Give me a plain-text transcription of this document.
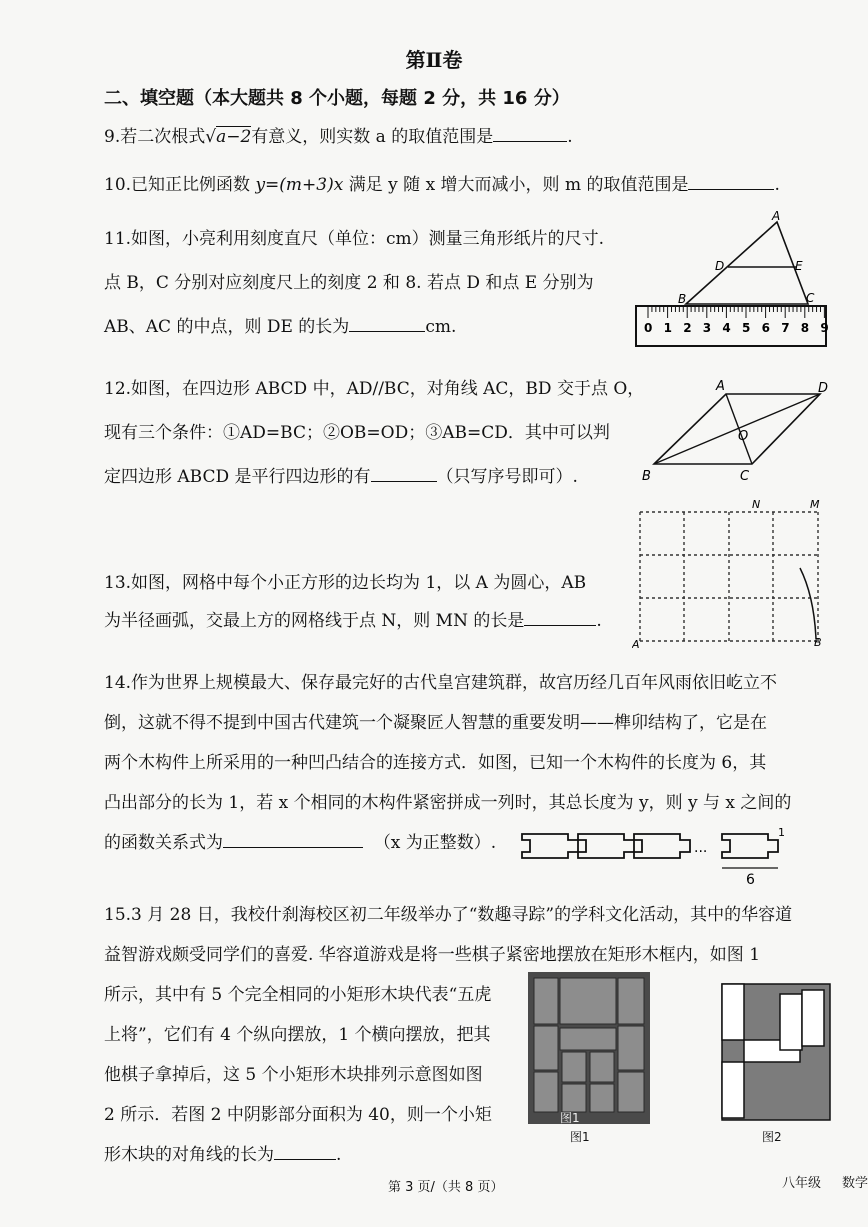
第Ⅱ卷
二、填空题（本大题共 8 个小题，每题 2 分，共 16 分）
9.若二次根式√a−2有意义，则实数 a 的取值范围是	.
10.已知正比例函数 y=(m+3)x 满足 y 随 x 增大而减小，则 m 的取值范围是	.
11.如图，小亮利用刻度直尺（单位：cm）测量三角形纸片的尺寸.
点 B，C 分别对应刻度尺上的刻度 2 和 8. 若点 D 和点 E 分别为
AB、AC 的中点，则 DE 的长为	cm.	0 1 2 3 4 5 6 7 8 9
A
B	C
D	E
12.如图，在四边形 ABCD 中，AD//BC，对角线 AC，BD 交于点 O，
现有三个条件：①AD=BC；②OB=OD；③AB=CD．其中可以判
定四边形 ABCD 是平行四边形的有	（只写序号即可）.
A	D
B	C
O
13.如图，网格中每个小正方形的边长均为 1，以 A 为圆心，AB
为半径画弧，交最上方的网格线于点 N，则 MN 的长是	.
A	B
N	M
14.作为世界上规模最大、保存最完好的古代皇宫建筑群，故宫历经几百年风雨依旧屹立不
倒，这就不得不提到中国古代建筑一个凝聚匠人智慧的重要发明——榫卯结构了，它是在
两个木构件上所采用的一种凹凸结合的连接方式．如图，已知一个木构件的长度为 6，其
凸出部分的长为 1，若 x 个相同的木构件紧密拼成一列时，其总长度为 y，则 y 与 x 之间的
的函数关系式为	（x 为正整数）.	...
6
1
15.3 月 28 日，我校什刹海校区初二年级举办了“数趣寻踪”的学科文化活动，其中的华容道
益智游戏颇受同学们的喜爱. 华容道游戏是将一些棋子紧密地摆放在矩形木框内，如图 1
所示，其中有 5 个完全相同的小矩形木块代表“五虎
上将”，它们有 4 个纵向摆放，1 个横向摆放，把其
他棋子拿掉后，这 5 个小矩形木块排列示意图如图
2 所示．若图 2 中阴影部分面积为 40，则一个小矩
形木块的对角线的长为	.
图1
图1	图2
第 3 页/（共 8 页）	八年级 数学
